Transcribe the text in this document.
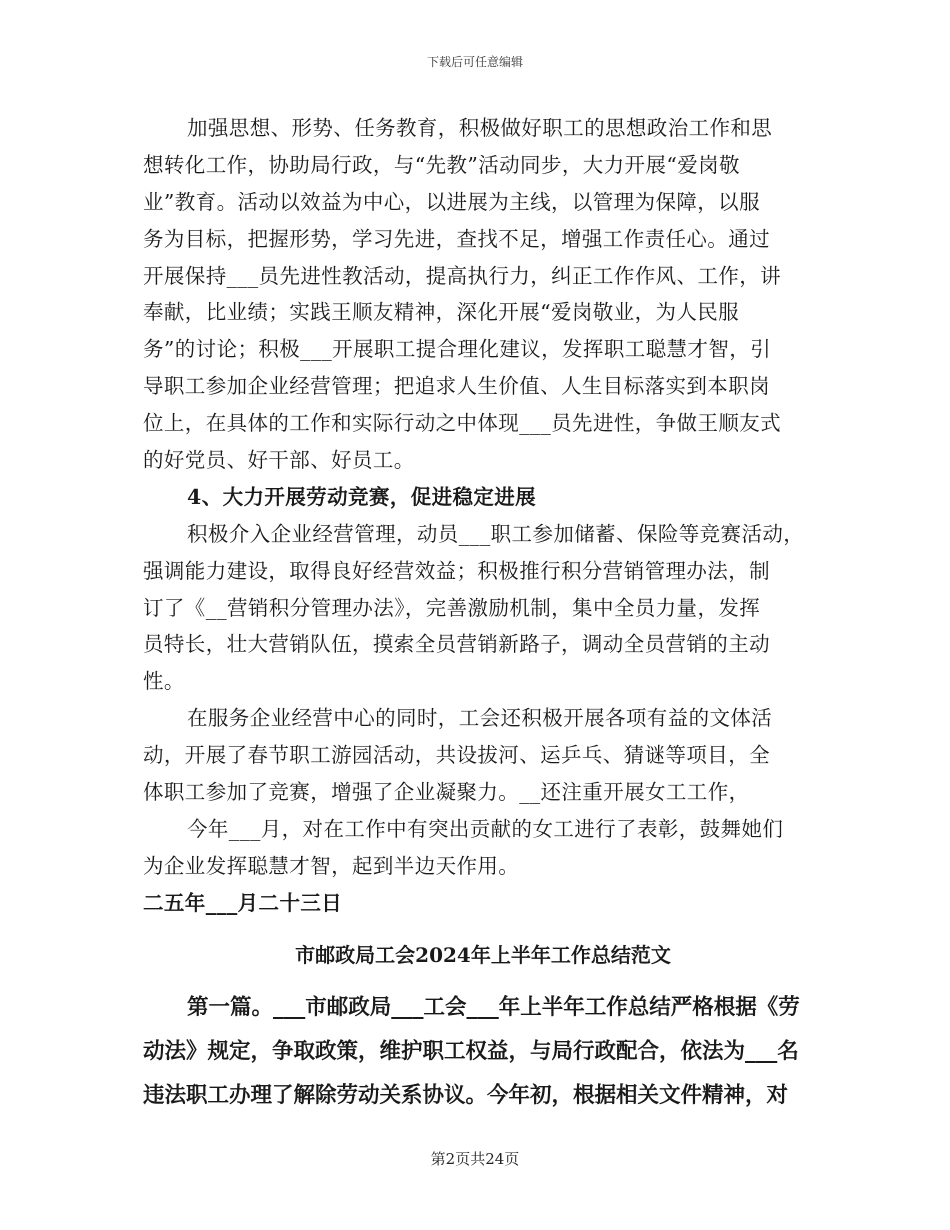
下载后可任意编辑
加强思想、形势、任务教育，积极做好职工的思想政治工作和思
想转化工作，协助局行政，与“先教”活动同步，大力开展“爱岗敬
业”教育。活动以效益为中心，以进展为主线，以管理为保障，以服
务为目标，把握形势，学习先进，查找不足，增强工作责任心。通过
开展保持___员先进性教活动，提高执行力，纠正工作作风、工作，讲
奉献，比业绩；实践王顺友精神，深化开展“爱岗敬业，为人民服
务”的讨论；积极___开展职工提合理化建议，发挥职工聪慧才智，引
导职工参加企业经营管理；把追求人生价值、人生目标落实到本职岗
位上，在具体的工作和实际行动之中体现___员先进性，争做王顺友式
的好党员、好干部、好员工。
4、大力开展劳动竞赛，促进稳定进展
积极介入企业经营管理，动员___职工参加储蓄、保险等竞赛活动，
强调能力建设，取得良好经营效益；积极推行积分营销管理办法，制
订了《__营销积分管理办法》，完善激励机制，集中全员力量，发挥
员特长，壮大营销队伍，摸索全员营销新路子，调动全员营销的主动
性。
在服务企业经营中心的同时，工会还积极开展各项有益的文体活
动，开展了春节职工游园活动，共设拔河、运乒乓、猜谜等项目，全
体职工参加了竞赛，增强了企业凝聚力。__还注重开展女工工作，
今年___月，对在工作中有突出贡献的女工进行了表彰，鼓舞她们
为企业发挥聪慧才智，起到半边天作用。
二五年___月二十三日
市邮政局工会2024年上半年工作总结范文
第一篇。___市邮政局___工会___年上半年工作总结严格根据《劳
动法》规定，争取政策，维护职工权益，与局行政配合，依法为___名
违法职工办理了解除劳动关系协议。今年初，根据相关文件精神，对
第2页共24页
